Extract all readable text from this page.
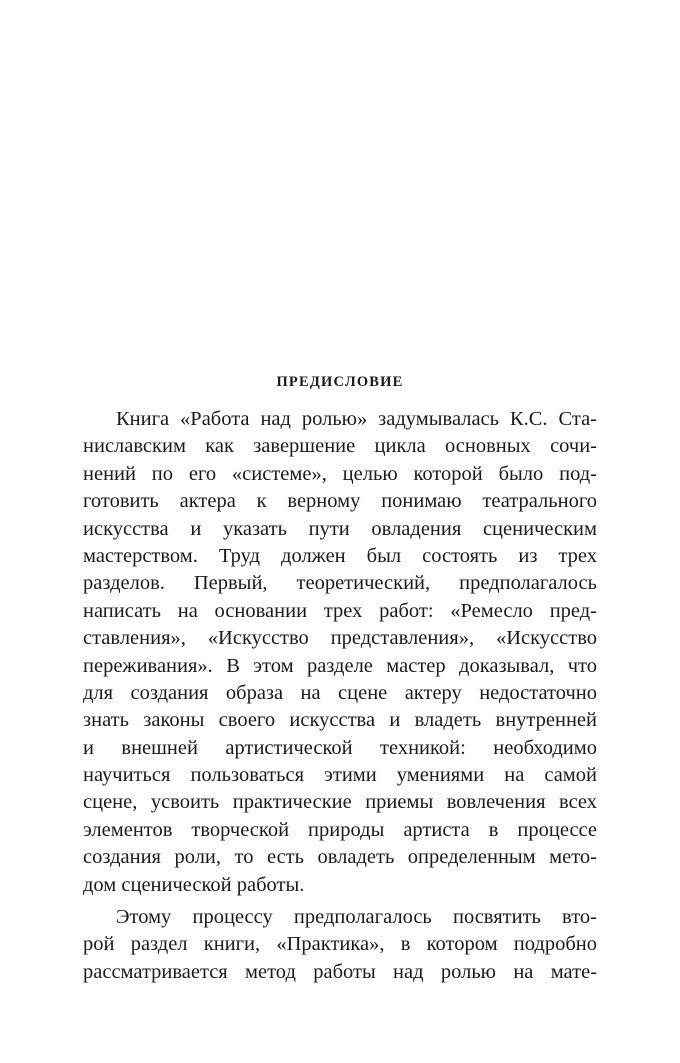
ПРЕДИСЛОВИЕ
Книга «Работа над ролью» задумывалась К.С. Ста-
ниславским как завершение цикла основных сочи-
нений по его «системе», целью которой было под-
готовить актера к верному понимаю театрального
искусства и указать пути овладения сценическим
мастерством. Труд должен был состоять из трех
разделов. Первый, теоретический, предполагалось
написать на основании трех работ: «Ремесло пред-
ставления», «Искусство представления», «Искусство
переживания». В этом разделе мастер доказывал, что
для создания образа на сцене актеру недостаточно
знать законы своего искусства и владеть внутренней
и внешней артистической техникой: необходимо
научиться пользоваться этими умениями на самой
сцене, усвоить практические приемы вовлечения всех
элементов творческой природы артиста в процессе
создания роли, то есть овладеть определенным мето-
дом сценической работы.
Этому процессу предполагалось посвятить вто-
рой раздел книги, «Практика», в котором подробно
рассматривается метод работы над ролью на мате-
